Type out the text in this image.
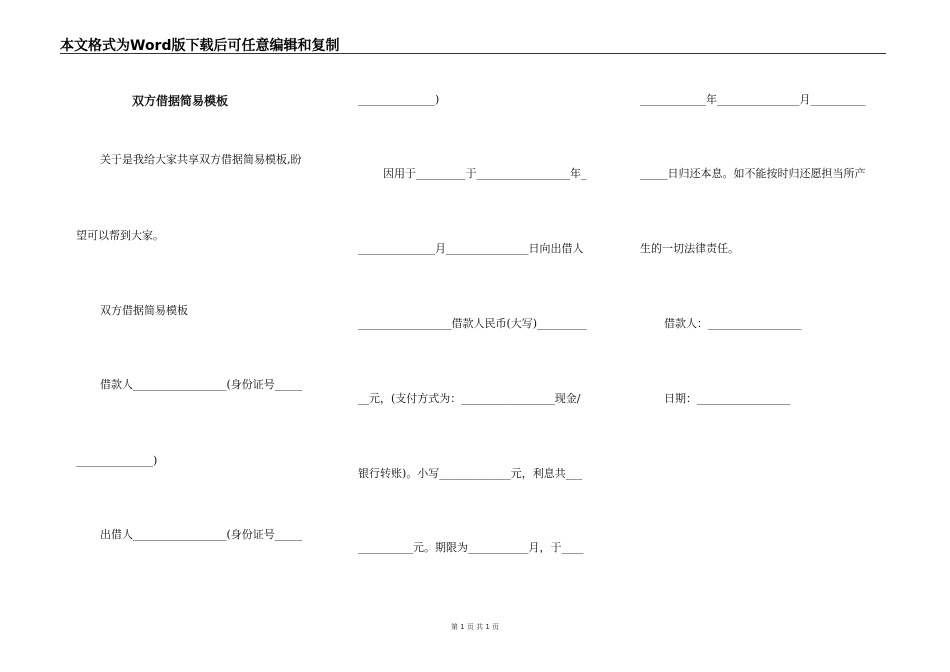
本文格式为Word版下载后可任意编辑和复制
双方借据简易模板
关于是我给大家共享双方借据简易模板,盼
望可以帮到大家。
双方借据简易模板
借款人_________________(身份证号_____
______________)
出借人_________________(身份证号_____
______________)
因用于_________于_________________年_
______________月_______________日向出借人
_________________借款人民币(大写)_________
__元，(支付方式为：_________________现金/
银行转账)。小写_____________元，利息共___
__________元。期限为___________月，于____
____________年_______________月__________
_____日归还本息。如不能按时归还愿担当所产
生的一切法律责任。
借款人：_________________
日期：_________________
第 1 页 共 1 页
